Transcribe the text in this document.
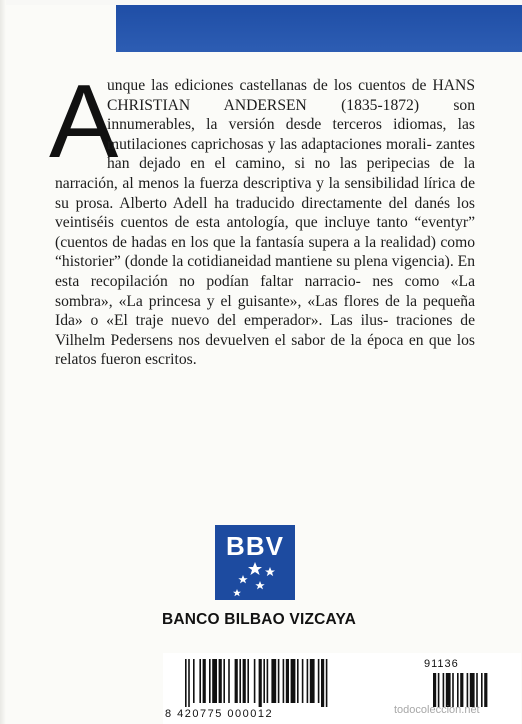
A

unque las ediciones castellanas de los cuentos de HANS CHRISTIAN ANDERSEN (1835-1872) son innumerables, la versión desde terceros idiomas, las mutilaciones caprichosas y las adaptaciones morali- zantes han dejado en el camino, si no las peripecias de la narración, al menos la fuerza descriptiva y la sensibilidad lírica de su prosa. Alberto Adell ha traducido directamente del danés los veintiséis cuentos de esta antología, que incluye tanto “eventyr” (cuentos de hadas en los que la fantasía supera a la realidad) como “historier” (donde la cotidianeidad mantiene su plena vigencia). En esta recopilación no podían faltar narracio- nes como «La sombra», «La princesa y el guisante», «Las flores de la pequeña Ida» o «El traje nuevo del emperador». Las ilus- traciones de Vilhelm Pedersens nos devuelven el sabor de la época en que los relatos fueron escritos.

BBV
BANCO BILBAO VIZCAYA
91136
8 420775 000012	todocoleccion.net
